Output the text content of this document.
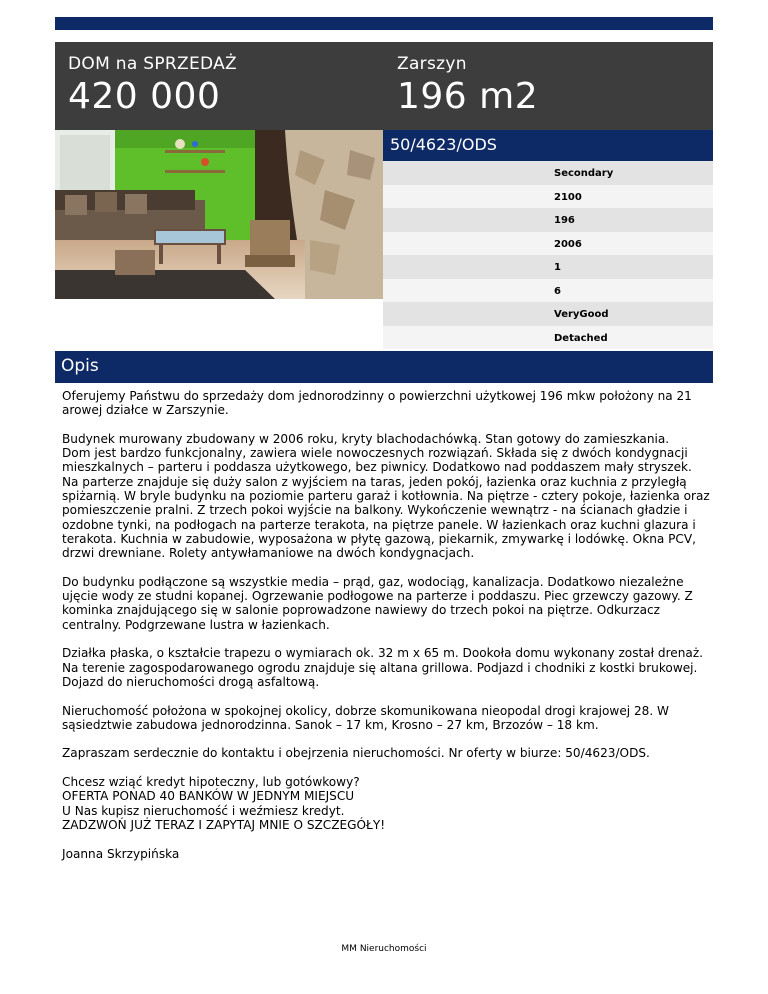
DOM na SPRZEDAŻ
420 000
Zarszyn
196 m2
50/4623/ODS
Secondary
2100
196
2006
1
6
VeryGood
Detached
Opis

Oferujemy Państwu do sprzedaży dom jednorodzinny o powierzchni użytkowej 196 mkw położony na 21 arowej działce w Zarszynie.

Budynek murowany zbudowany w 2006 roku, kryty blachodachówką. Stan gotowy do zamieszkania.
Dom jest bardzo funkcjonalny, zawiera wiele nowoczesnych rozwiązań. Składa się z dwóch kondygnacji mieszkalnych – parteru i poddasza użytkowego, bez piwnicy. Dodatkowo nad poddaszem mały stryszek. Na parterze znajduje się duży salon z wyjściem na taras, jeden pokój, łazienka oraz kuchnia z przyległą spiżarnią. W bryle budynku na poziomie parteru garaż i kotłownia. Na piętrze - cztery pokoje, łazienka oraz pomieszczenie pralni. Z trzech pokoi wyjście na balkony. Wykończenie wewnątrz - na ścianach gładzie i ozdobne tynki, na podłogach na parterze terakota, na piętrze panele. W łazienkach oraz kuchni glazura i terakota. Kuchnia w zabudowie, wyposażona w płytę gazową, piekarnik, zmywarkę i lodówkę. Okna PCV, drzwi drewniane. Rolety antywłamaniowe na dwóch kondygnacjach.

Do budynku podłączone są wszystkie media – prąd, gaz, wodociąg, kanalizacja. Dodatkowo niezależne ujęcie wody ze studni kopanej. Ogrzewanie podłogowe na parterze i poddaszu. Piec grzewczy gazowy. Z kominka znajdującego się w salonie poprowadzone nawiewy do trzech pokoi na piętrze. Odkurzacz centralny. Podgrzewane lustra w łazienkach.

Działka płaska, o kształcie trapezu o wymiarach ok. 32 m x 65 m. Dookoła domu wykonany został drenaż. Na terenie zagospodarowanego ogrodu znajduje się altana grillowa. Podjazd i chodniki z kostki brukowej. Dojazd do nieruchomości drogą asfaltową.

Nieruchomość położona w spokojnej okolicy, dobrze skomunikowana nieopodal drogi krajowej 28. W sąsiedztwie zabudowa jednorodzinna. Sanok – 17 km, Krosno – 27 km, Brzozów – 18 km.

Zapraszam serdecznie do kontaktu i obejrzenia nieruchomości. Nr oferty w biurze: 50/4623/ODS.

Chcesz wziąć kredyt hipoteczny, lub gotówkowy?
OFERTA PONAD 40 BANKÓW W JEDNYM MIEJSCU
U Nas kupisz nieruchomość i weźmiesz kredyt.
ZADZWOŃ JUŻ TERAZ I ZAPYTAJ MNIE O SZCZEGÓŁY!

Joanna Skrzypińska

MM Nieruchomości
